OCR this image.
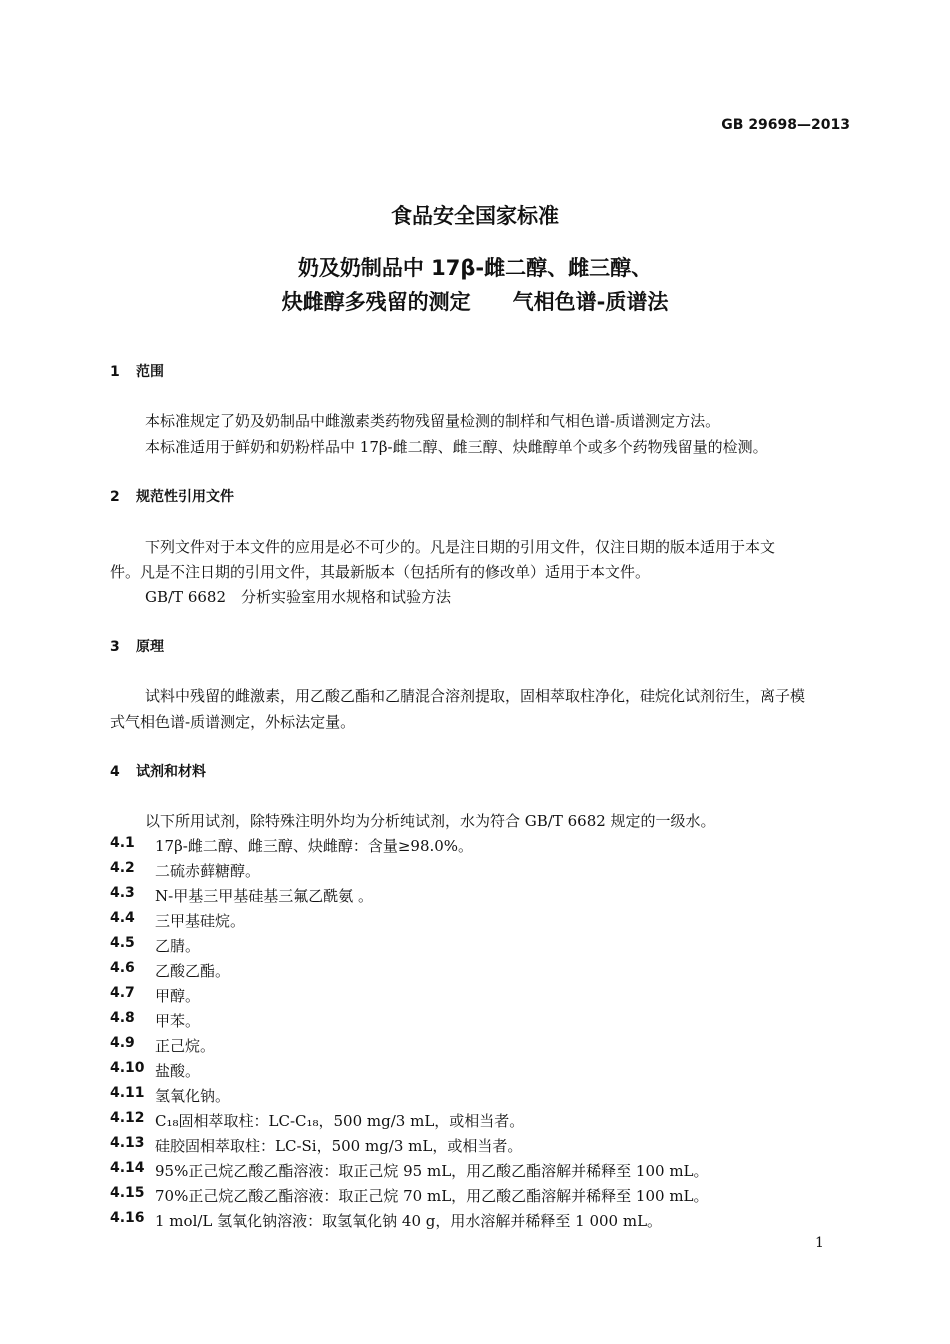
GB 29698—2013
食品安全国家标准
奶及奶制品中 17β-雌二醇、雌三醇、
炔雌醇多残留的测定　　气相色谱-质谱法
1 范围
本标准规定了奶及奶制品中雌激素类药物残留量检测的制样和气相色谱-质谱测定方法。
本标准适用于鲜奶和奶粉样品中 17β-雌二醇、雌三醇、炔雌醇单个或多个药物残留量的检测。
2 规范性引用文件
下列文件对于本文件的应用是必不可少的。凡是注日期的引用文件，仅注日期的版本适用于本文
件。凡是不注日期的引用文件，其最新版本（包括所有的修改单）适用于本文件。
GB/T 6682　分析实验室用水规格和试验方法
3 原理
试料中残留的雌激素，用乙酸乙酯和乙腈混合溶剂提取，固相萃取柱净化，硅烷化试剂衍生，离子模
式气相色谱-质谱测定，外标法定量。
4 试剂和材料
以下所用试剂，除特殊注明外均为分析纯试剂，水为符合 GB/T 6682 规定的一级水。
4.1 17β-雌二醇、雌三醇、炔雌醇：含量≥98.0%。
4.2 二硫赤藓糖醇。
4.3 N-甲基三甲基硅基三氟乙酰氨 。
4.4 三甲基硅烷。
4.5 乙腈。
4.6 乙酸乙酯。
4.7 甲醇。
4.8 甲苯。
4.9 正己烷。
4.10 盐酸。
4.11 氢氧化钠。
4.12 C₁₈固相萃取柱：LC-C₁₈，500 mg/3 mL，或相当者。
4.13 硅胶固相萃取柱：LC-Si，500 mg/3 mL，或相当者。
4.14 95%正己烷乙酸乙酯溶液：取正己烷 95 mL，用乙酸乙酯溶解并稀释至 100 mL。
4.15 70%正己烷乙酸乙酯溶液：取正己烷 70 mL，用乙酸乙酯溶解并稀释至 100 mL。
4.16 1 mol/L 氢氧化钠溶液：取氢氧化钠 40 g，用水溶解并稀释至 1 000 mL。
1
